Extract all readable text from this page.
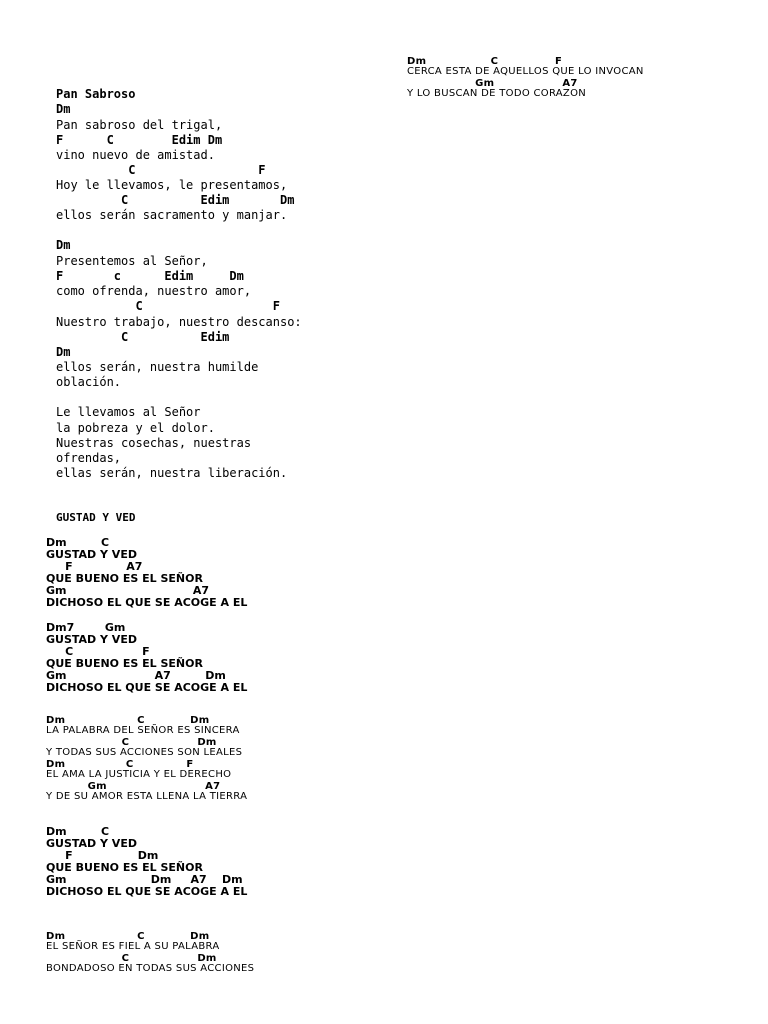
Pan Sabroso
Dm
Pan sabroso del trigal,
F      C        Edim Dm
vino nuevo de amistad.
C                 F
Hoy le llevamos, le presentamos,
C          Edim       Dm
ellos serán sacramento y manjar.
Dm
Presentemos al Señor,
F       c      Edim     Dm
como ofrenda, nuestro amor,
C                  F
Nuestro trabajo, nuestro descanso:
C          Edim
Dm
ellos serán, nuestra humilde
oblación.
Le llevamos al Señor
la pobreza y el dolor.
Nuestras cosechas, nuestras
ofrendas,
ellas serán, nuestra liberación.
Dm                 C               F
CERCA ESTA DE AQUELLOS QUE LO INVOCAN
Gm                  A7
Y LO BUSCAN DE TODO CORAZON
GUSTAD Y VED
Dm         C
GUSTAD Y VED
F              A7
QUE BUENO ES EL SEÑOR
Gm                                 A7
DICHOSO EL QUE SE ACOGE A EL
Dm7        Gm
GUSTAD Y VED
C                  F
QUE BUENO ES EL SEÑOR
Gm                       A7         Dm
DICHOSO EL QUE SE ACOGE A EL
Dm                   C            Dm
LA PALABRA DEL SEÑOR ES SINCERA
C                  Dm
Y TODAS SUS ACCIONES SON LEALES
Dm                C              F
EL AMA LA JUSTICIA Y EL DERECHO
Gm                          A7
Y DE SU AMOR ESTA LLENA LA TIERRA
Dm         C
GUSTAD Y VED
F                 Dm
QUE BUENO ES EL SEÑOR
Gm                      Dm     A7    Dm
DICHOSO EL QUE SE ACOGE A EL
Dm                   C            Dm
EL SEÑOR ES FIEL A SU PALABRA
C                  Dm
BONDADOSO EN TODAS SUS ACCIONES
